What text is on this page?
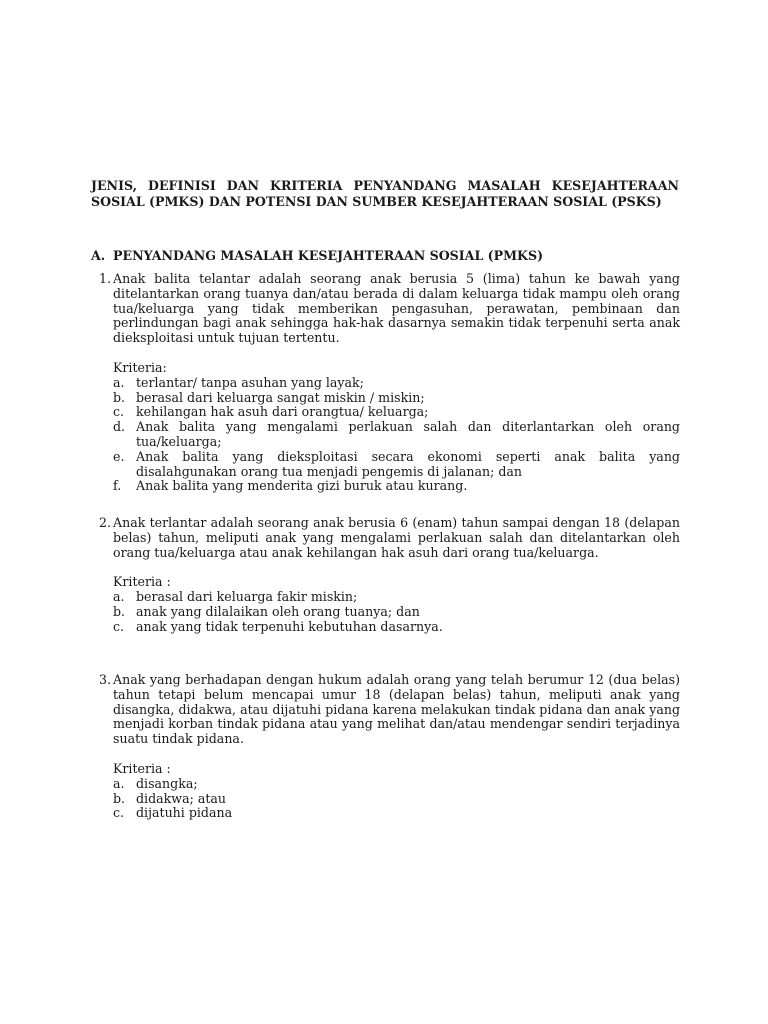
JENIS, DEFINISI DAN KRITERIA PENYANDANG MASALAH KESEJAHTERAAN SOSIAL (PMKS) DAN POTENSI DAN SUMBER KESEJAHTERAAN SOSIAL (PSKS)
A. PENYANDANG MASALAH KESEJAHTERAAN SOSIAL (PMKS)
1. Anak balita telantar adalah seorang anak berusia 5 (lima) tahun ke bawah yang ditelantarkan orang tuanya dan/atau berada di dalam keluarga tidak mampu oleh orang tua/keluarga yang tidak memberikan pengasuhan, perawatan, pembinaan dan perlindungan bagi anak sehingga hak-hak dasarnya semakin tidak terpenuhi serta anak dieksploitasi untuk tujuan tertentu.
Kriteria:
a. terlantar/ tanpa asuhan yang layak;
b. berasal dari keluarga sangat miskin / miskin;
c. kehilangan hak asuh dari orangtua/ keluarga;
d. Anak balita yang mengalami perlakuan salah dan diterlantarkan oleh orang tua/keluarga;
e. Anak balita yang dieksploitasi secara ekonomi seperti anak balita yang disalahgunakan orang tua menjadi pengemis di jalanan; dan
f. Anak balita yang menderita gizi buruk atau kurang.
2. Anak terlantar adalah seorang anak berusia 6 (enam) tahun sampai dengan 18 (delapan belas) tahun, meliputi anak yang mengalami perlakuan salah dan ditelantarkan oleh orang tua/keluarga atau anak kehilangan hak asuh dari orang tua/keluarga.
Kriteria :
a. berasal dari keluarga fakir miskin;
b. anak yang dilalaikan oleh orang tuanya; dan
c. anak yang tidak terpenuhi kebutuhan dasarnya.
3. Anak yang berhadapan dengan hukum adalah orang yang telah berumur 12 (dua belas) tahun tetapi belum mencapai umur 18 (delapan belas) tahun, meliputi anak yang disangka, didakwa, atau dijatuhi pidana karena melakukan tindak pidana dan anak yang menjadi korban tindak pidana atau yang melihat dan/atau mendengar sendiri terjadinya suatu tindak pidana.
Kriteria :
a. disangka;
b. didakwa; atau
c. dijatuhi pidana
